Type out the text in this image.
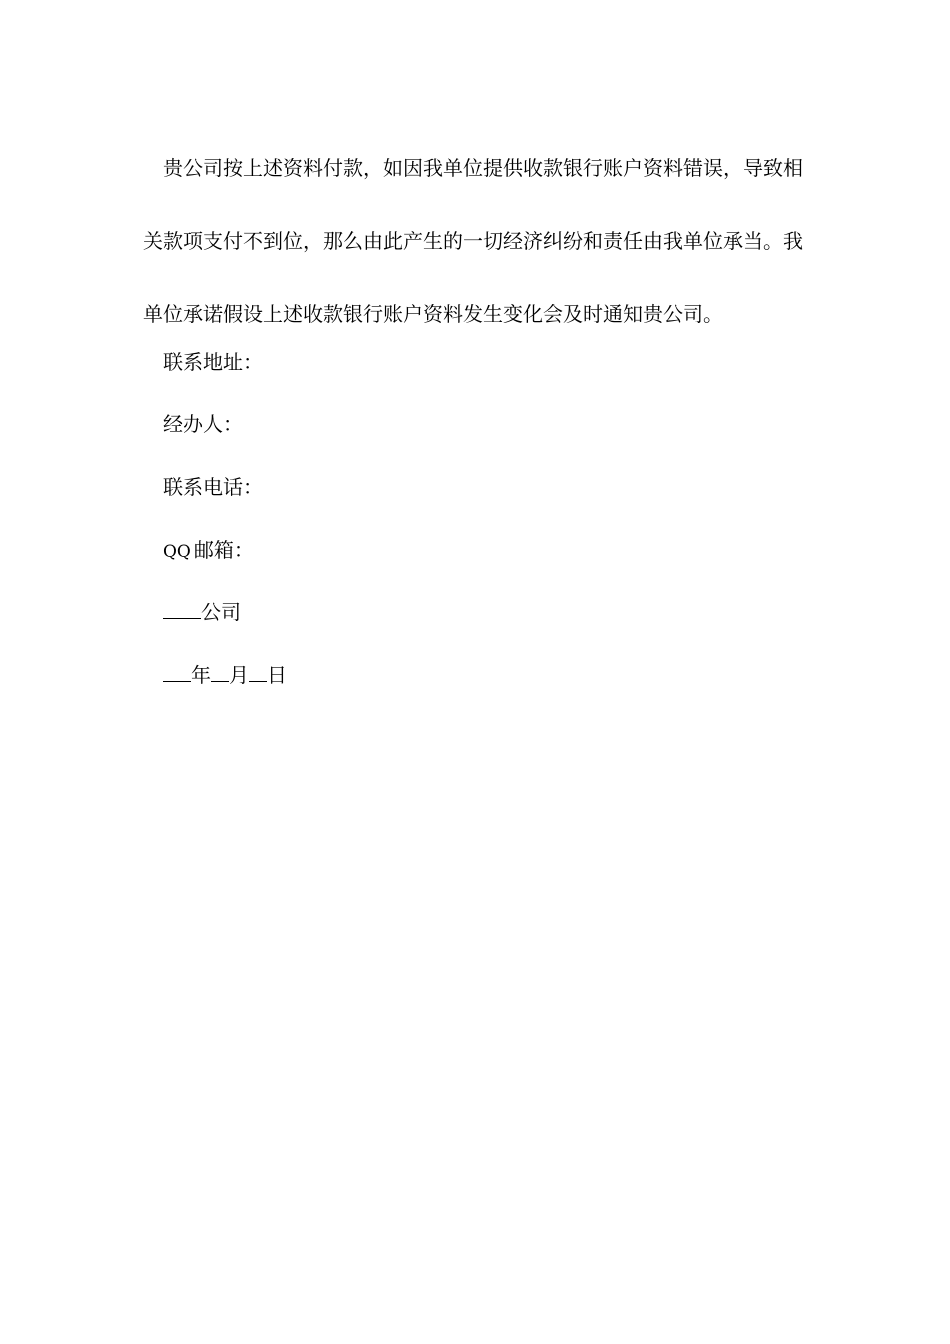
贵公司按上述资料付款，如因我单位提供收款银行账户资料错误，导致相关款项支付不到位，那么由此产生的一切经济纠纷和责任由我单位承当。我单位承诺假设上述收款银行账户资料发生变化会及时通知贵公司。

联系地址：

经办人：

联系电话：

QQ 邮箱：

公司

年 月 日
